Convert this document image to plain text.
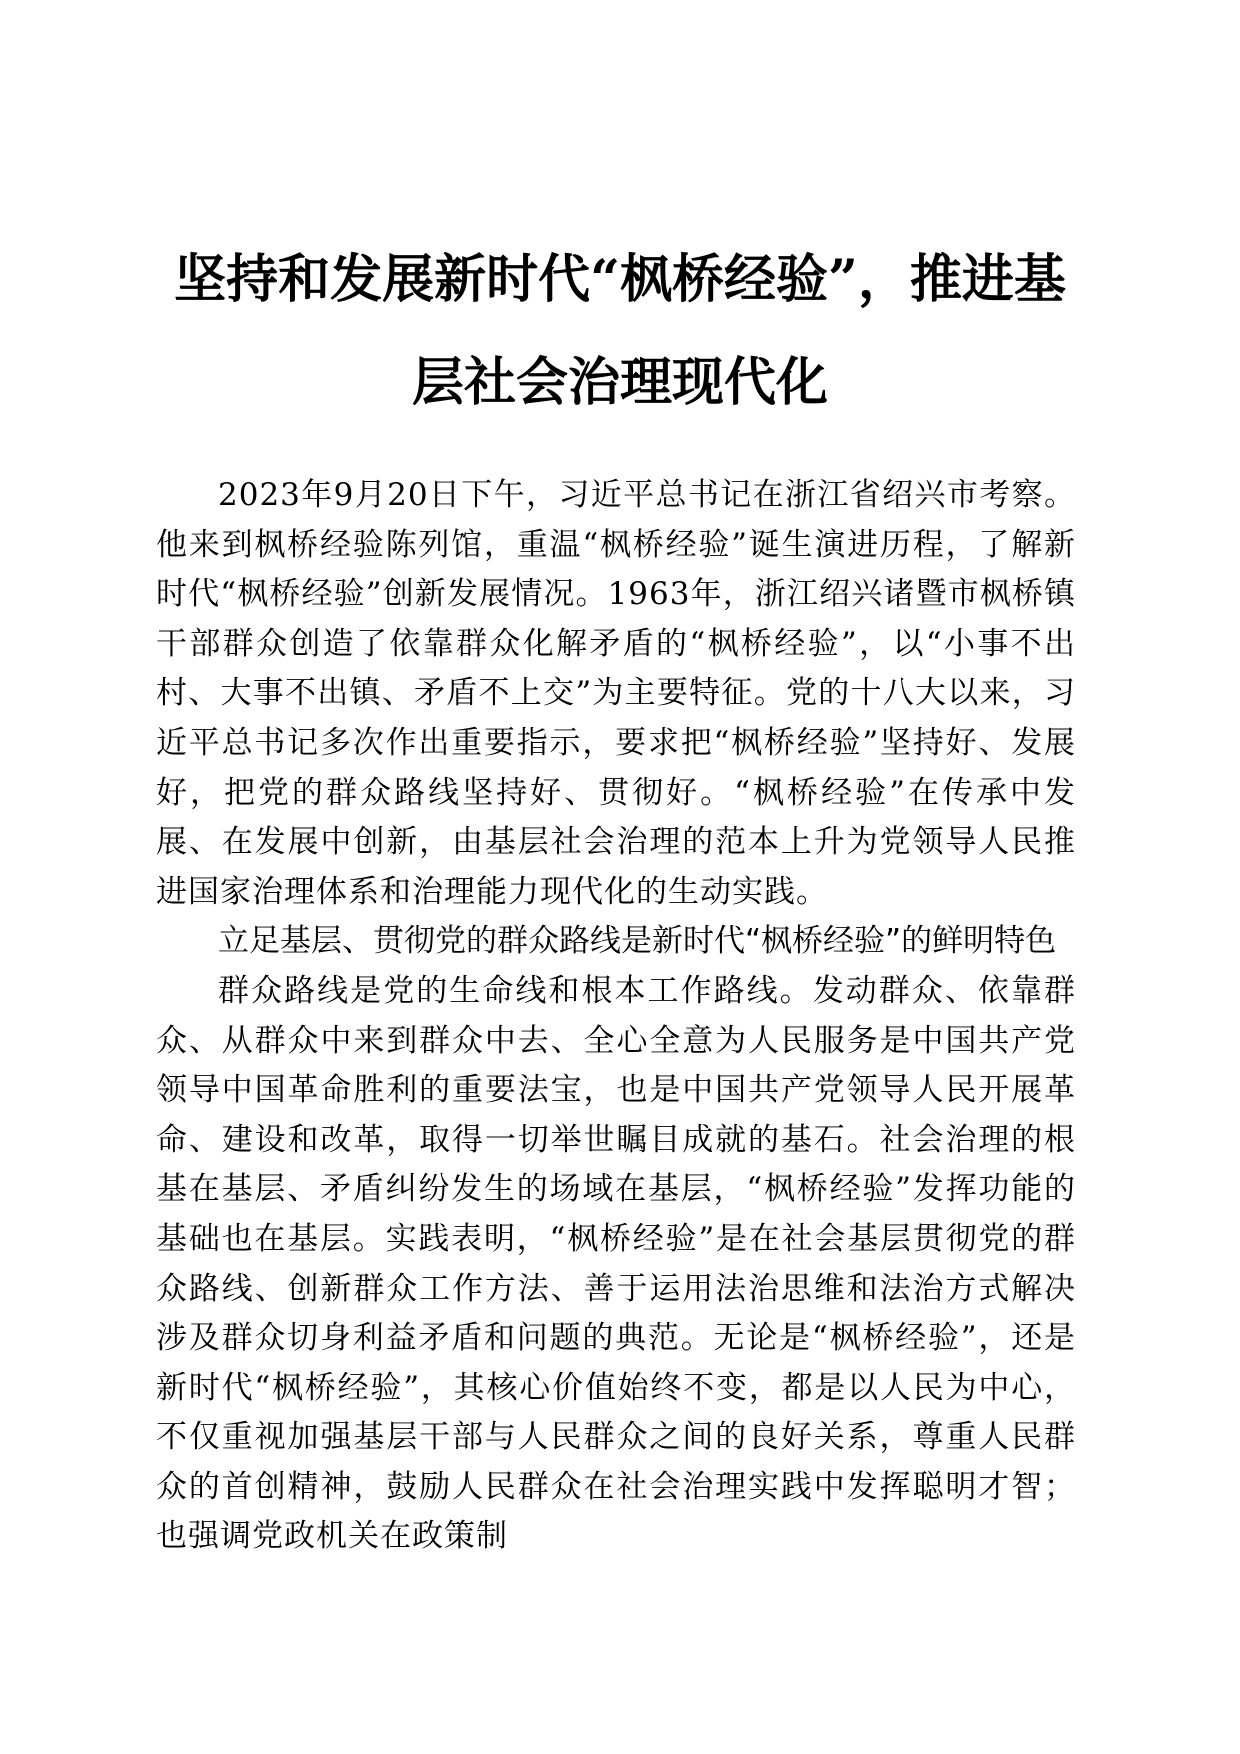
坚持和发展新时代“枫桥经验”，推进基层社会治理现代化

2023年9月20日下午，习近平总书记在浙江省绍兴市考察。他来到枫桥经验陈列馆，重温“枫桥经验”诞生演进历程，了解新时代“枫桥经验”创新发展情况。1963年，浙江绍兴诸暨市枫桥镇干部群众创造了依靠群众化解矛盾的“枫桥经验”，以“小事不出村、大事不出镇、矛盾不上交”为主要特征。党的十八大以来，习近平总书记多次作出重要指示，要求把“枫桥经验”坚持好、发展好，把党的群众路线坚持好、贯彻好。“枫桥经验”在传承中发展、在发展中创新，由基层社会治理的范本上升为党领导人民推进国家治理体系和治理能力现代化的生动实践。

立足基层、贯彻党的群众路线是新时代“枫桥经验”的鲜明特色

群众路线是党的生命线和根本工作路线。发动群众、依靠群众、从群众中来到群众中去、全心全意为人民服务是中国共产党领导中国革命胜利的重要法宝，也是中国共产党领导人民开展革命、建设和改革，取得一切举世瞩目成就的基石。社会治理的根基在基层、矛盾纠纷发生的场域在基层，“枫桥经验”发挥功能的基础也在基层。实践表明，“枫桥经验”是在社会基层贯彻党的群众路线、创新群众工作方法、善于运用法治思维和法治方式解决涉及群众切身利益矛盾和问题的典范。无论是“枫桥经验”，还是新时代“枫桥经验”，其核心价值始终不变，都是以人民为中心，不仅重视加强基层干部与人民群众之间的良好关系，尊重人民群众的首创精神，鼓励人民群众在社会治理实践中发挥聪明才智；也强调党政机关在政策制
